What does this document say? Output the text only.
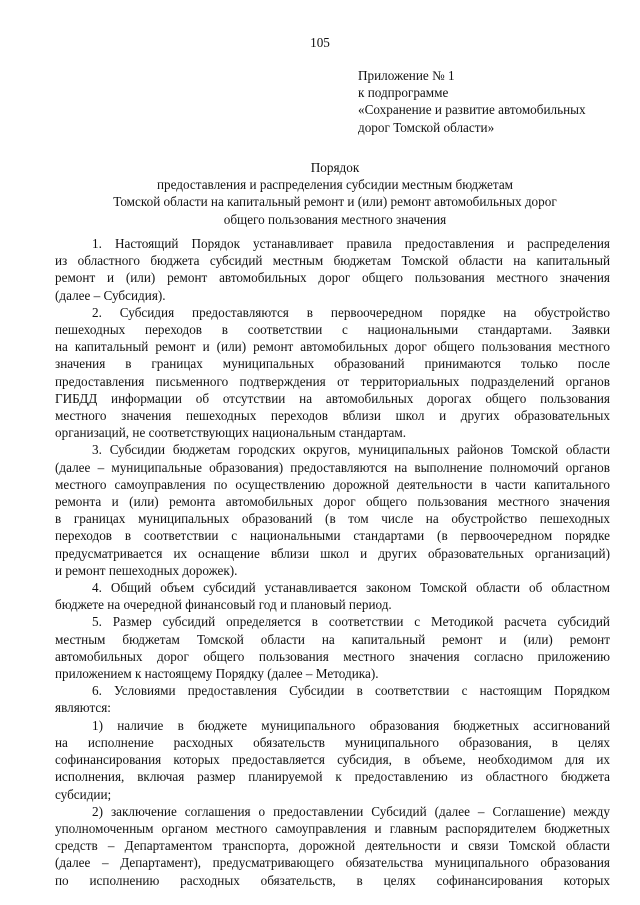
105
Приложение № 1
к подпрограмме
«Сохранение и развитие автомобильных
дорог Томской области»
Порядок
предоставления и распределения субсидии местным бюджетам
Томской области на капитальный ремонт и (или) ремонт автомобильных дорог
общего пользования местного значения

1. Настоящий Порядок устанавливает правила предоставления и распределения

из областного бюджета субсидий местным бюджетам Томской области на капитальный

ремонт и (или) ремонт автомобильных дорог общего пользования местного значения

(далее – Субсидия).

2. Субсидия предоставляются в первоочередном порядке на обустройство

пешеходных переходов в соответствии с национальными стандартами. Заявки

на капитальный ремонт и (или) ремонт автомобильных дорог общего пользования местного

значения в границах муниципальных образований принимаются только после

предоставления письменного подтверждения от территориальных подразделений органов

ГИБДД информации об отсутствии на автомобильных дорогах общего пользования

местного значения пешеходных переходов вблизи школ и других образовательных

организаций, не соответствующих национальным стандартам.

3. Субсидии бюджетам городских округов, муниципальных районов Томской области

(далее – муниципальные образования) предоставляются на выполнение полномочий органов

местного самоуправления по осуществлению дорожной деятельности в части капитального

ремонта и (или) ремонта автомобильных дорог общего пользования местного значения

в границах муниципальных образований (в том числе на обустройство пешеходных

переходов в соответствии с национальными стандартами (в первоочередном порядке

предусматривается их оснащение вблизи школ и других образовательных организаций)

и ремонт пешеходных дорожек).

4. Общий объем субсидий устанавливается законом Томской области об областном

бюджете на очередной финансовый год и плановый период.

5. Размер субсидий определяется в соответствии с Методикой расчета субсидий

местным бюджетам Томской области на капитальный ремонт и (или) ремонт

автомобильных дорог общего пользования местного значения согласно приложению

приложением к настоящему Порядку (далее – Методика).

6. Условиями предоставления Субсидии в соответствии с настоящим Порядком

являются:

1) наличие в бюджете муниципального образования бюджетных ассигнований

на исполнение расходных обязательств муниципального образования, в целях

софинансирования которых предоставляется субсидия, в объеме, необходимом для их

исполнения, включая размер планируемой к предоставлению из областного бюджета

субсидии;

2) заключение соглашения о предоставлении Субсидий (далее – Соглашение) между

уполномоченным органом местного самоуправления и главным распорядителем бюджетных

средств – Департаментом транспорта, дорожной деятельности и связи Томской области

(далее – Департамент), предусматривающего обязательства муниципального образования

по исполнению расходных обязательств, в целях софинансирования которых
